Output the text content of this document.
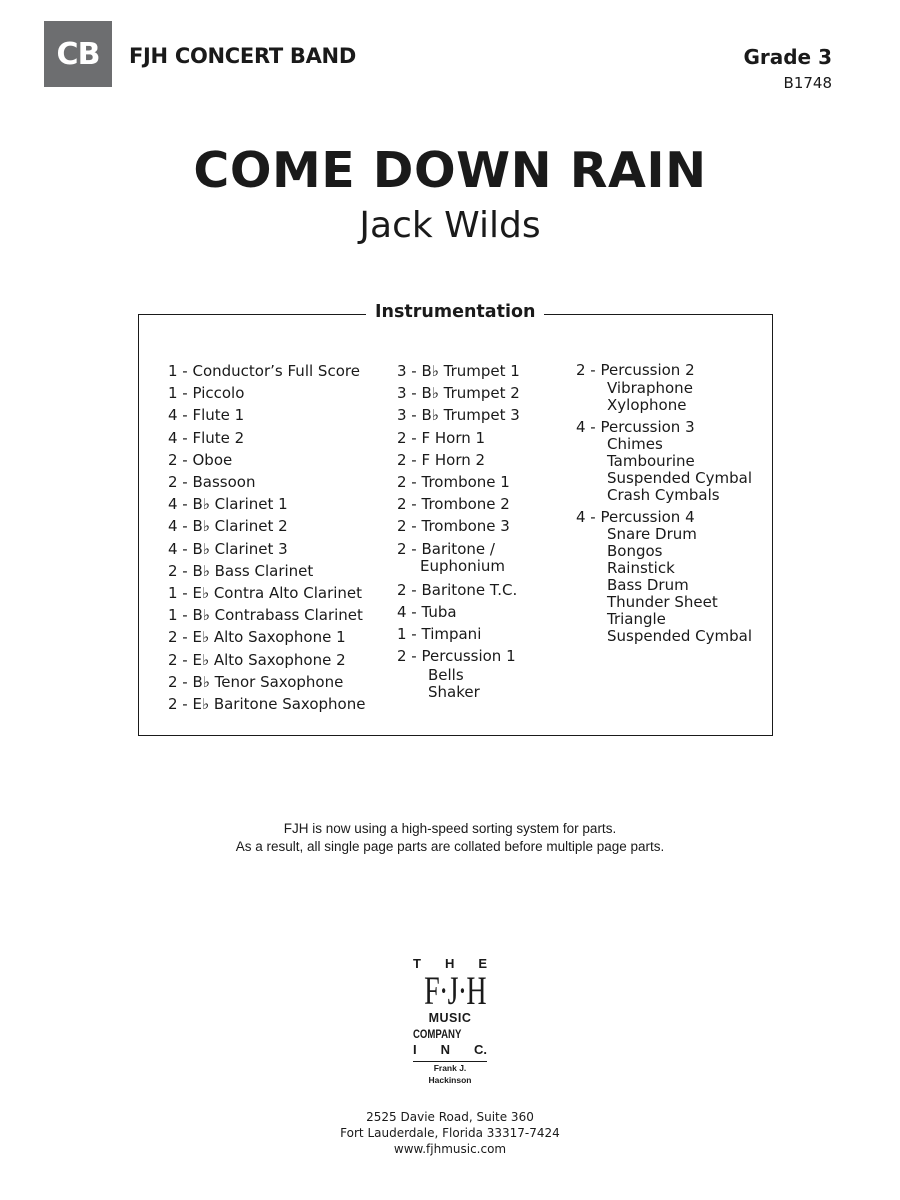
CB	FJH CONCERT BAND	Grade 3
B1748
COME DOWN RAIN
Jack Wilds
Instrumentation
1 - Conductor’s Full Score
1 - Piccolo
4 - Flute 1
4 - Flute 2
2 - Oboe
2 - Bassoon
4 - B♭ Clarinet 1
4 - B♭ Clarinet 2
4 - B♭ Clarinet 3
2 - B♭ Bass Clarinet
1 - E♭ Contra Alto Clarinet
1 - B♭ Contrabass Clarinet
2 - E♭ Alto Saxophone 1
2 - E♭ Alto Saxophone 2
2 - B♭ Tenor Saxophone
2 - E♭ Baritone Saxophone
3 - B♭ Trumpet 1
3 - B♭ Trumpet 2
3 - B♭ Trumpet 3
2 - F Horn 1
2 - F Horn 2
2 - Trombone 1
2 - Trombone 2
2 - Trombone 3
2 - Baritone /
Euphonium
2 - Baritone T.C.
4 - Tuba
1 - Timpani
2 - Percussion 1
Bells
Shaker
2 - Percussion 2
Vibraphone
Xylophone
4 - Percussion 3
Chimes
Tambourine
Suspended Cymbal
Crash Cymbals
4 - Percussion 4
Snare Drum
Bongos
Rainstick
Bass Drum
Thunder Sheet
Triangle
Suspended Cymbal
FJH is now using a high-speed sorting system for parts.
As a result, all single page parts are collated before multiple page parts.
T H E
F·J·H
MUSIC
COMPANY
I N C.
Frank J. Hackinson
2525 Davie Road, Suite 360
Fort Lauderdale, Florida 33317-7424
www.fjhmusic.com
